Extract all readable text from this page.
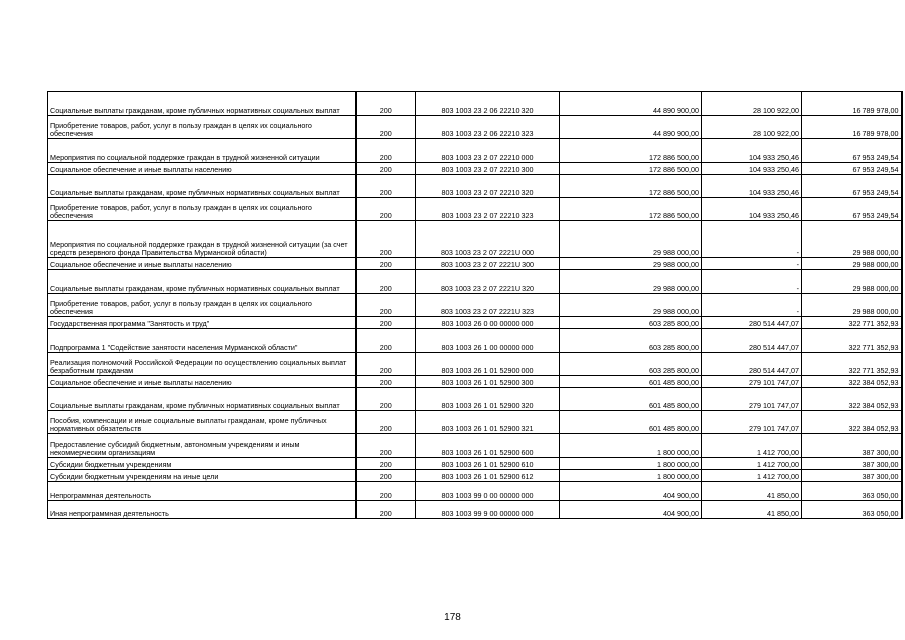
Социальные выплаты гражданам, кроме публичных нормативных социальных выплат	200	803 1003 23 2 06 22210 320	44 890 900,00	28 100 922,00	16 789 978,00
Приобретение товаров, работ, услуг в пользу граждан в целях их социального обеспечения	200	803 1003 23 2 06 22210 323	44 890 900,00	28 100 922,00	16 789 978,00
Мероприятия по социальной поддержке граждан в трудной жизненной ситуации	200	803 1003 23 2 07 22210 000	172 886 500,00	104 933 250,46	67 953 249,54
Социальное обеспечение и иные выплаты населению	200	803 1003 23 2 07 22210 300	172 886 500,00	104 933 250,46	67 953 249,54
Социальные выплаты гражданам, кроме публичных нормативных социальных выплат	200	803 1003 23 2 07 22210 320	172 886 500,00	104 933 250,46	67 953 249,54
Приобретение товаров, работ, услуг в пользу граждан в целях их социального обеспечения	200	803 1003 23 2 07 22210 323	172 886 500,00	104 933 250,46	67 953 249,54
Мероприятия по социальной поддержке граждан в трудной жизненной ситуации (за счет средств резервного фонда Правительства Мурманской области)	200	803 1003 23 2 07 2221U 000	29 988 000,00	-	29 988 000,00
Социальное обеспечение и иные выплаты населению	200	803 1003 23 2 07 2221U 300	29 988 000,00	-	29 988 000,00
Социальные выплаты гражданам, кроме публичных нормативных социальных выплат	200	803 1003 23 2 07 2221U 320	29 988 000,00	-	29 988 000,00
Приобретение товаров, работ, услуг в пользу граждан в целях их социального обеспечения	200	803 1003 23 2 07 2221U 323	29 988 000,00	-	29 988 000,00
Государственная программа "Занятость и труд"	200	803 1003 26 0 00 00000 000	603 285 800,00	280 514 447,07	322 771 352,93
Подпрограмма 1 "Содействие занятости населения Мурманской области"	200	803 1003 26 1 00 00000 000	603 285 800,00	280 514 447,07	322 771 352,93
Реализация полномочий Российской Федерации по осуществлению социальных выплат безработным гражданам	200	803 1003 26 1 01 52900 000	603 285 800,00	280 514 447,07	322 771 352,93
Социальное обеспечение и иные выплаты населению	200	803 1003 26 1 01 52900 300	601 485 800,00	279 101 747,07	322 384 052,93
Социальные выплаты гражданам, кроме публичных нормативных социальных выплат	200	803 1003 26 1 01 52900 320	601 485 800,00	279 101 747,07	322 384 052,93
Пособия, компенсации и иные социальные выплаты гражданам, кроме публичных нормативных обязательств	200	803 1003 26 1 01 52900 321	601 485 800,00	279 101 747,07	322 384 052,93
Предоставление субсидий бюджетным, автономным учреждениям и иным некоммерческим организациям	200	803 1003 26 1 01 52900 600	1 800 000,00	1 412 700,00	387 300,00
Субсидии бюджетным учреждениям	200	803 1003 26 1 01 52900 610	1 800 000,00	1 412 700,00	387 300,00
Субсидии бюджетным учреждениям на иные цели	200	803 1003 26 1 01 52900 612	1 800 000,00	1 412 700,00	387 300,00
Непрограммная деятельность	200	803 1003 99 0 00 00000 000	404 900,00	41 850,00	363 050,00
Иная непрограммная деятельность	200	803 1003 99 9 00 00000 000	404 900,00	41 850,00	363 050,00
178
